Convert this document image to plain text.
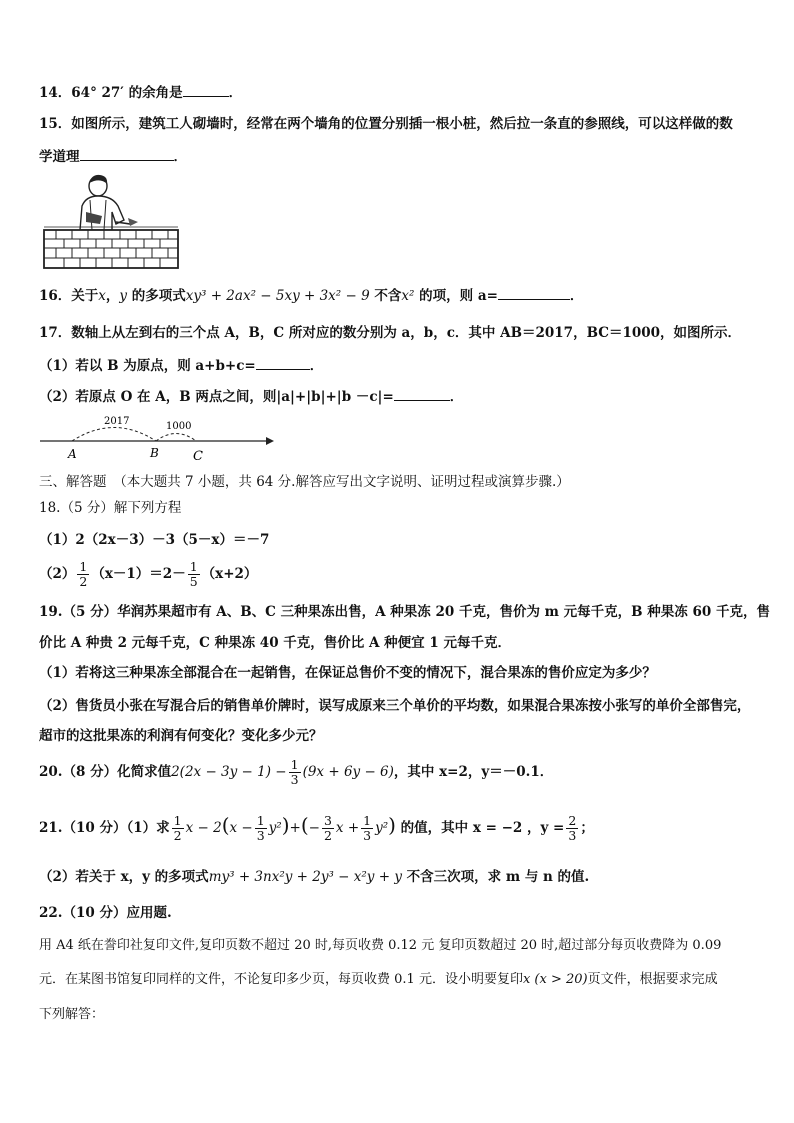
14．64° 27′ 的余角是	．
15．如图所示，建筑工人砌墙时，经常在两个墙角的位置分别插一根小桩，然后拉一条直的参照线，可以这样做的数
学道理	．
16．关于x，y 的多项式xy³ + 2ax² − 5xy + 3x² − 9 不含x² 的项，则 a=	．
17．数轴上从左到右的三个点 A，B，C 所对应的数分别为 a，b，c．其中 AB＝2017，BC＝1000，如图所示．
（1）若以 B 为原点，则 a+b+c=	．
（2）若原点 O 在 A，B 两点之间，则|a|+|b|+|b －c|=	．
2017	1000
A	B	C
三、解答题　（本大题共 7 小题，共 64 分.解答应写出文字说明、证明过程或演算步骤.）
18.（5 分）解下列方程
（1）2（2x－3）－3（5－x）＝－7
$(2) \frac{1}{2} (x-1)=2- \frac{1}{5} (x+2)$
19.（5 分）华润苏果超市有 A、B、C 三种果冻出售，A 种果冻 20 千克，售价为 m 元每千克，B 种果冻 60 千克，售
价比 A 种贵 2 元每千克，C 种果冻 40 千克，售价比 A 种便宜 1 元每千克．
（1）若将这三种果冻全部混合在一起销售，在保证总售价不变的情况下，混合果冻的售价应定为多少？
（2）售货员小张在写混合后的销售单价牌时，误写成原来三个单价的平均数，如果混合果冻按小张写的单价全部售完，
超市的这批果冻的利润有何变化？变化多少元？
20.（8 分）化简求值$2(2x - 3y - 1) - \frac{1}{3} (9x + 6y - 6)$，其中 x=2，y＝－0.1．
21.（10 分）（1）求 $\frac{1}{2}$ $x - 2(x - \frac{1}{3} y^2)+(- \frac{3}{2}$ $x + \frac{1}{3} y^2$) 的值，其中 x = −2 ，$y = \frac{2}{3}$ ；
（2）若关于 x，y 的多项式my³ + 3nx²y + 2y³ − x²y + y 不含三次项，求 m 与 n 的值.
22.（10 分）应用题.
用 A4 纸在誊印社复印文件,复印页数不超过 20 时,每页收费 0.12 元 复印页数超过 20 时,超过部分每页收费降为 0.09
元．在某图书馆复印同样的文件，不论复印多少页，每页收费 0.1 元．设小明要复印x (x > 20)页文件，根据要求完成
下列解答：
